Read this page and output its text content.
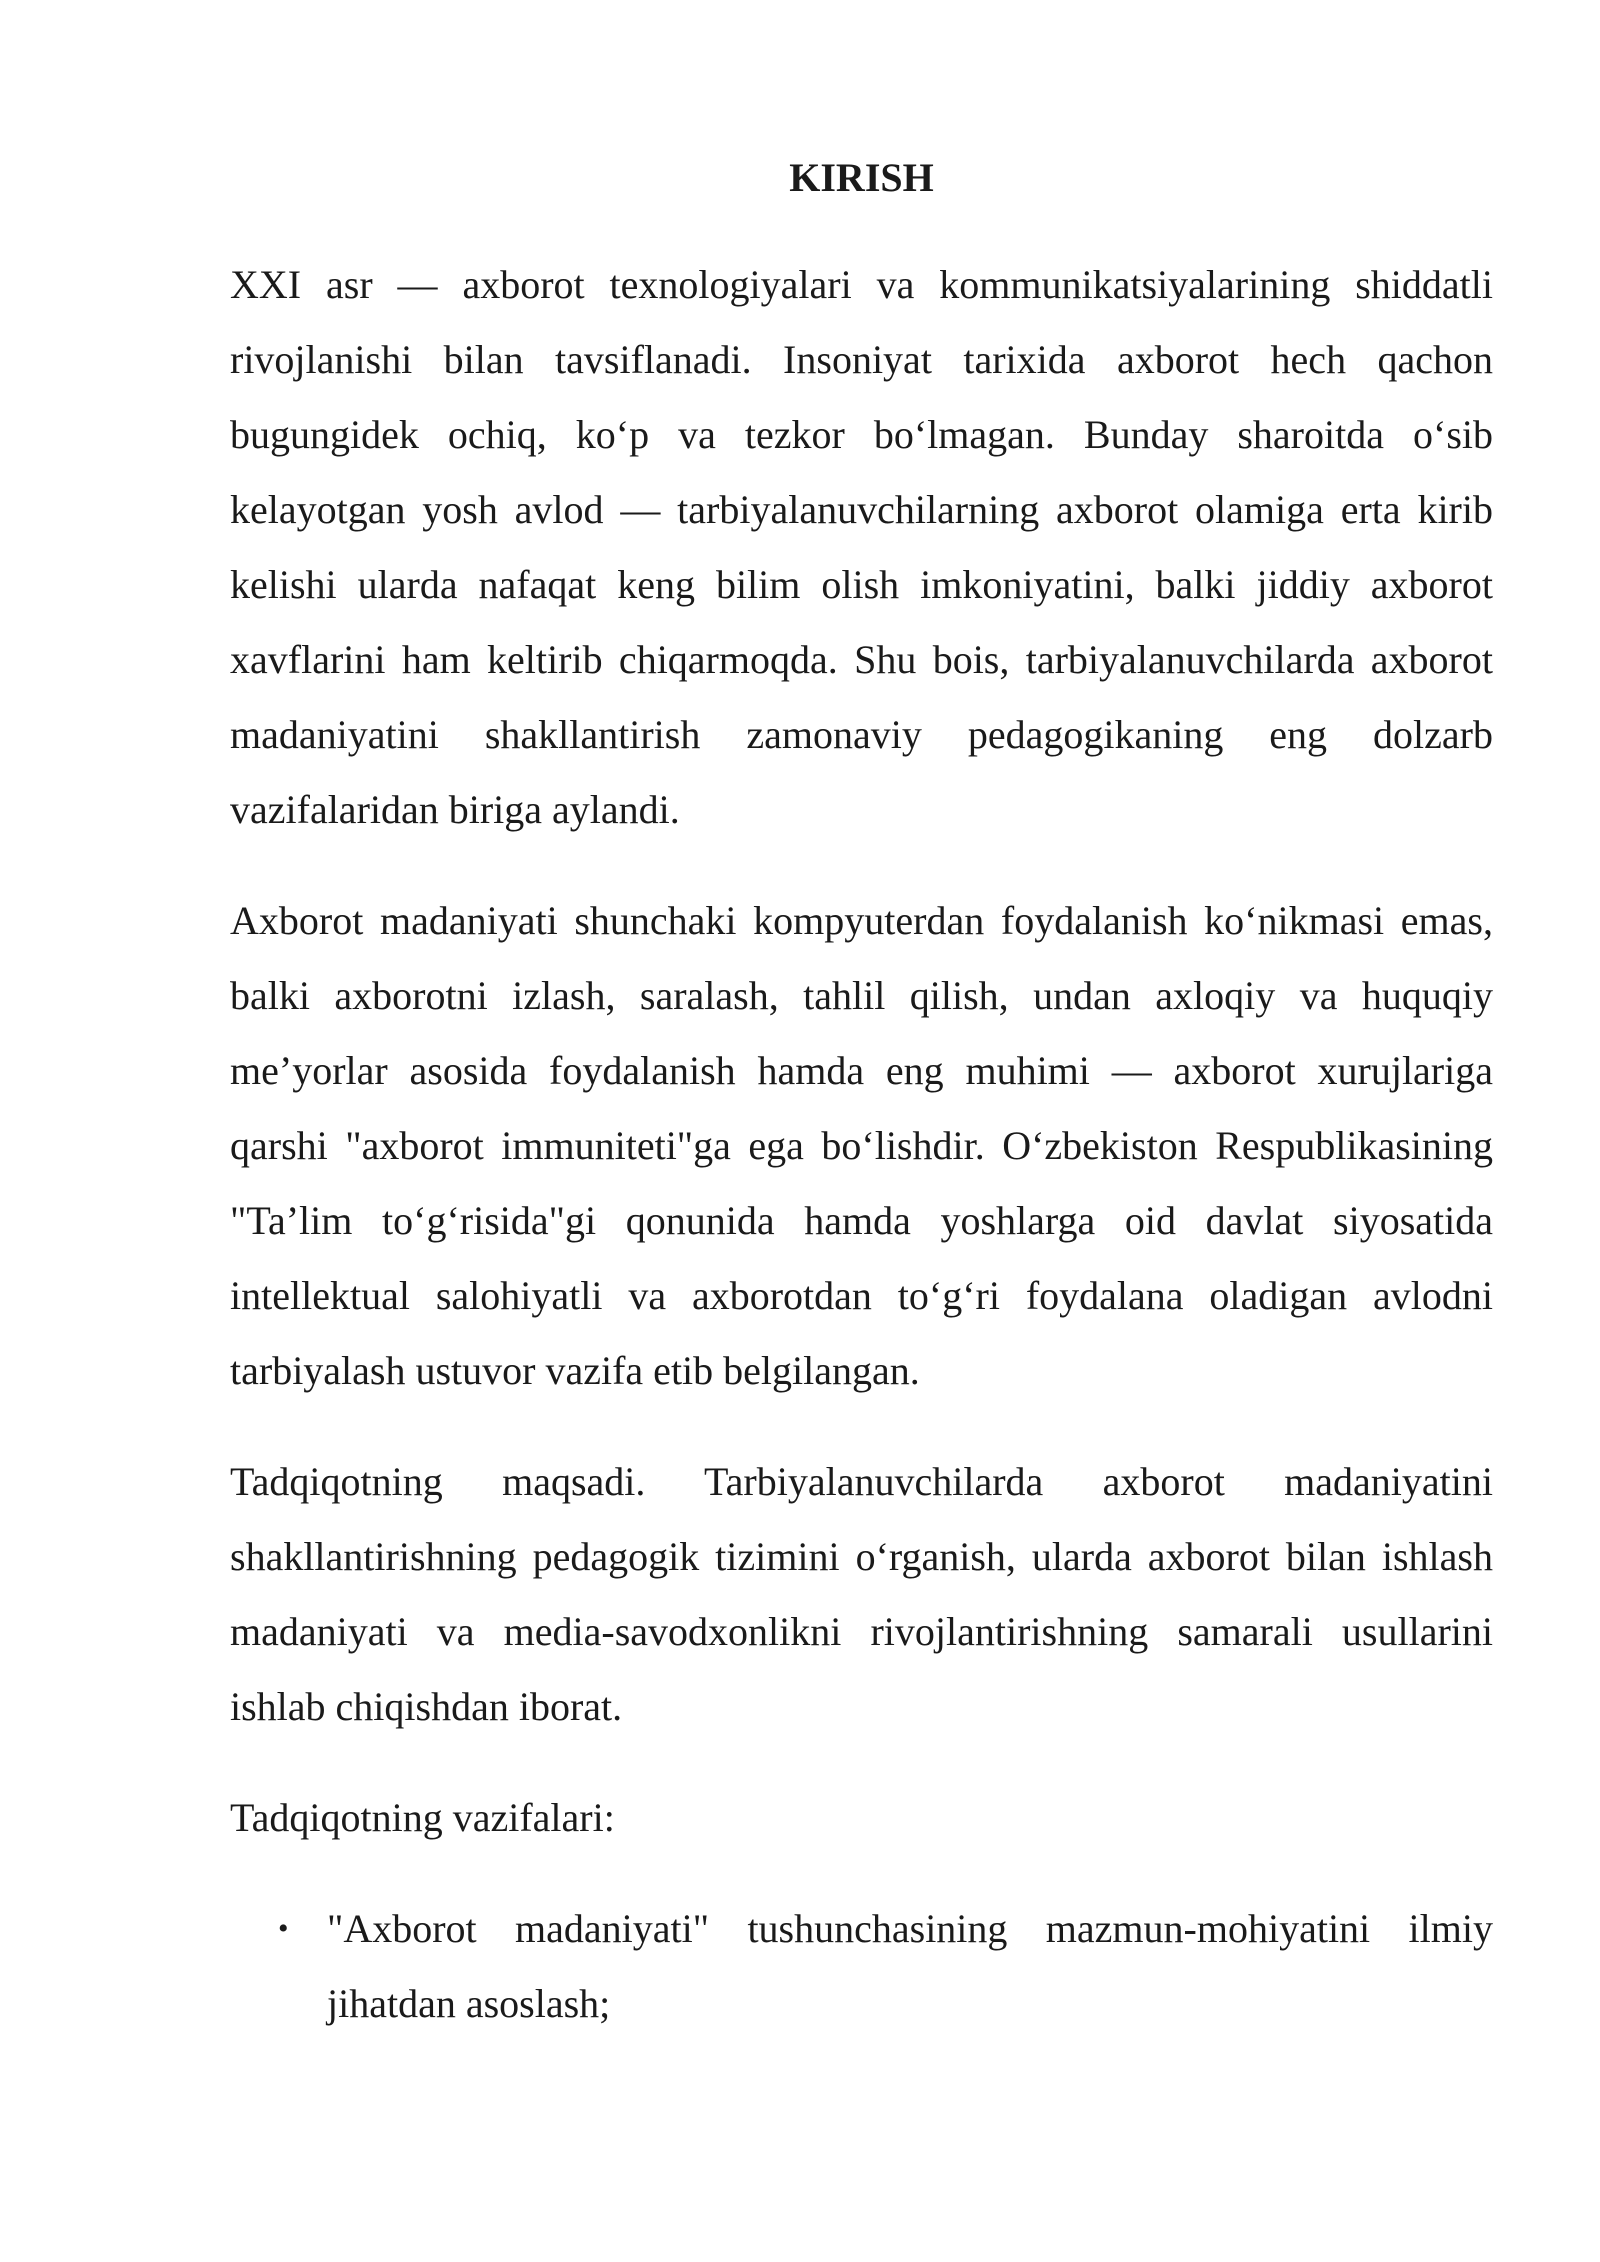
KIRISH

XXI asr — axborot texnologiyalari va kommunikatsiyalarining shiddatli rivojlanishi bilan tavsiflanadi. Insoniyat tarixida axborot hech qachon bugungidek ochiq, ko‘p va tezkor bo‘lmagan. Bunday sharoitda o‘sib kelayotgan yosh avlod — tarbiyalanuvchilarning axborot olamiga erta kirib kelishi ularda nafaqat keng bilim olish imkoniyatini, balki jiddiy axborot xavflarini ham keltirib chiqarmoqda. Shu bois, tarbiyalanuvchilarda axborot madaniyatini shakllantirish zamonaviy pedagogikaning eng dolzarb vazifalaridan biriga aylandi.

Axborot madaniyati shunchaki kompyuterdan foydalanish ko‘nikmasi emas, balki axborotni izlash, saralash, tahlil qilish, undan axloqiy va huquqiy me’yorlar asosida foydalanish hamda eng muhimi — axborot xurujlariga qarshi "axborot immuniteti"ga ega bo‘lishdir. O‘zbekiston Respublikasining "Ta’lim to‘g‘risida"gi qonunida hamda yoshlarga oid davlat siyosatida intellektual salohiyatli va axborotdan to‘g‘ri foydalana oladigan avlodni tarbiyalash ustuvor vazifa etib belgilangan.

Tadqiqotning maqsadi. Tarbiyalanuvchilarda axborot madaniyatini shakllantirishning pedagogik tizimini o‘rganish, ularda axborot bilan ishlash madaniyati va media-savodxonlikni rivojlantirishning samarali usullarini ishlab chiqishdan iborat.

Tadqiqotning vazifalari:

• "Axborot madaniyati" tushunchasining mazmun-mohiyatini ilmiy jihatdan asoslash;
